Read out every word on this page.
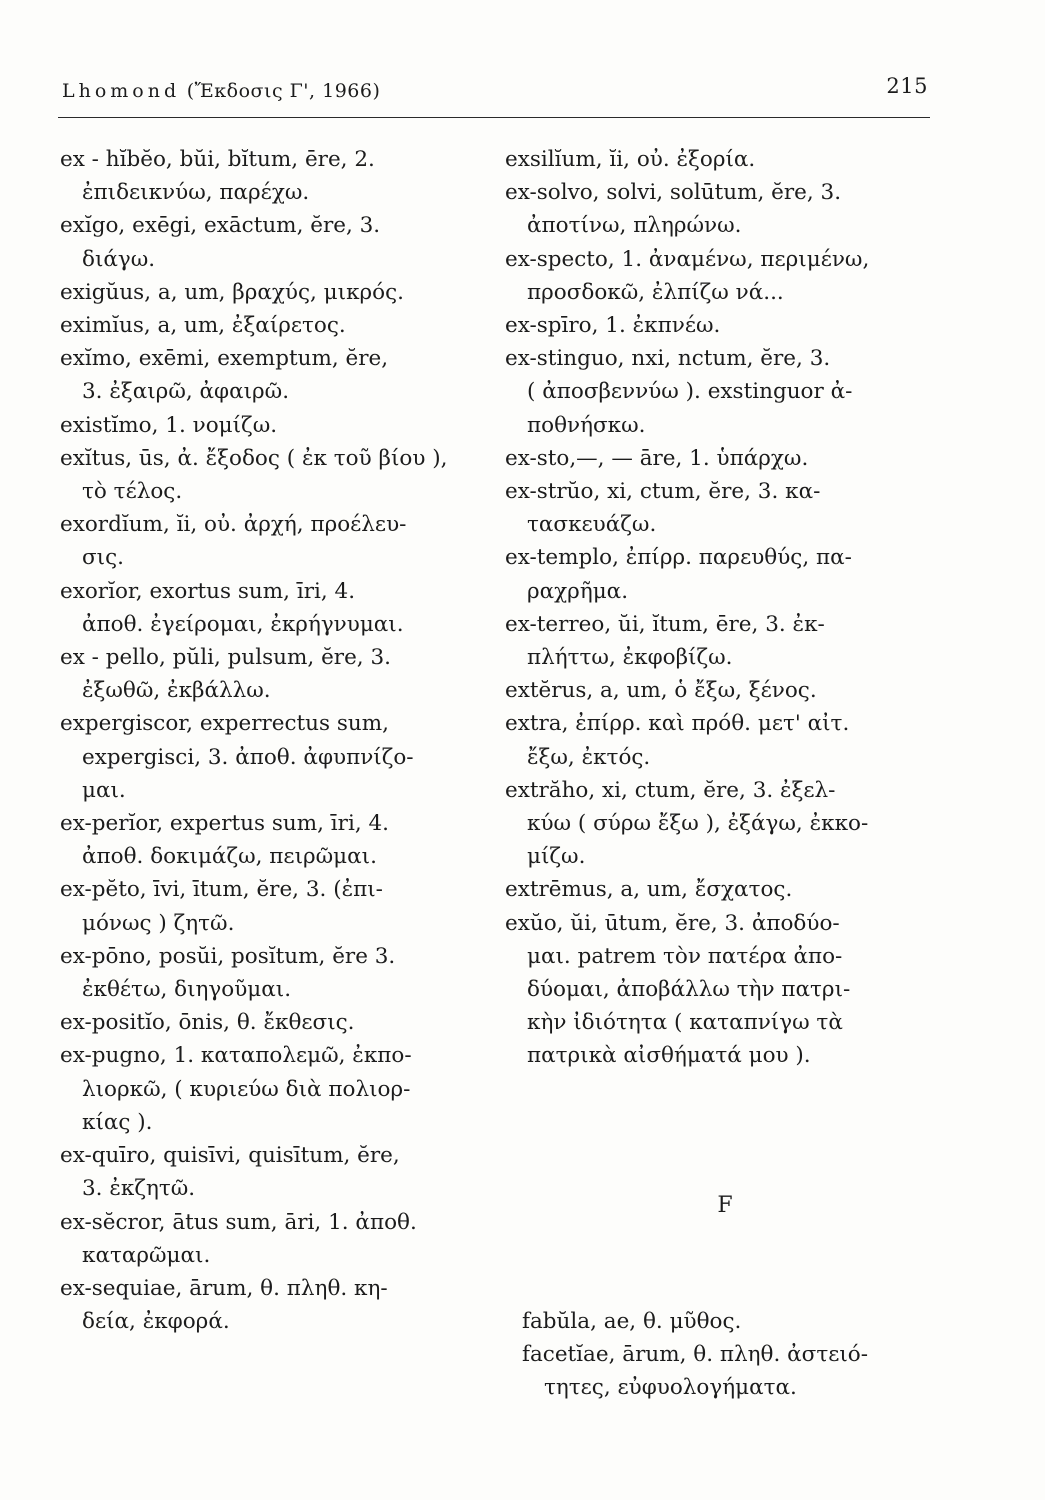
Lhomond (Ἔκδοσις Γ', 1966)	215
ex - hĭbĕo, bŭi, bĭtum, ēre, 2.
ἐπιδεικνύω, παρέχω.
exĭgo, exēgi, exāctum, ĕre, 3.
διάγω.
exigŭus, a, um, βραχύς, μικρός.
eximĭus, a, um, ἐξαίρετος.
exĭmo, exēmi, exemptum, ĕre,
3. ἐξαιρῶ, ἀφαιρῶ.
existĭmo, 1. νομίζω.
exĭtus, ūs, ἀ. ἔξοδος ( ἐκ τοῦ βίου ),
τὸ τέλος.
exordĭum, ĭi, οὐ. ἀρχή, προέλευ-
σις.
exorĭor, exortus sum, īri, 4.
ἀποθ. ἐγείρομαι, ἐκρήγνυμαι.
ex - pello, pŭli, pulsum, ĕre, 3.
ἐξωθῶ, ἐκβάλλω.
expergiscor, experrectus sum,
expergisci, 3. ἀποθ. ἀφυπνίζο-
μαι.
ex-perĭor, expertus sum, īri, 4.
ἀποθ. δοκιμάζω, πειρῶμαι.
ex-pĕto, īvi, ītum, ĕre, 3. (ἐπι-
μόνως ) ζητῶ.
ex-pōno, posŭi, posĭtum, ĕre 3.
ἐκθέτω, διηγοῦμαι.
ex-positĭo, ōnis, θ. ἔκθεσις.
ex-pugno, 1. καταπολεμῶ, ἐκπο-
λιορκῶ, ( κυριεύω διὰ πολιορ-
κίας ).
ex-quīro, quisīvi, quisītum, ĕre,
3. ἐκζητῶ.
ex-sĕcror, ātus sum, āri, 1. ἀποθ.
καταρῶμαι.
ex-sequiae, ārum, θ. πληθ. κη-
δεία, ἐκφορά.
exsilĭum, ĭi, οὐ. ἐξορία.
ex-solvo, solvi, solūtum, ĕre, 3.
ἀποτίνω, πληρώνω.
ex-specto, 1. ἀναμένω, περιμένω,
προσδοκῶ, ἐλπίζω νά...
ex-spīro, 1. ἐκπνέω.
ex-stinguo, nxi, nctum, ĕre, 3.
( ἀποσβεννύω ). exstinguor ἀ-
ποθνήσκω.
ex-sto,—, — āre, 1. ὑπάρχω.
ex-strŭo, xi, ctum, ĕre, 3. κα-
τασκευάζω.
ex-templo, ἐπίρρ. παρευθύς, πα-
ραχρῆμα.
ex-terreo, ŭi, ĭtum, ēre, 3. ἐκ-
πλήττω, ἐκφοβίζω.
extĕrus, a, um, ὁ ἔξω, ξένος.
extra, ἐπίρρ. καὶ πρόθ. μετ' αἰτ.
ἔξω, ἐκτός.
extrăho, xi, ctum, ĕre, 3. ἐξελ-
κύω ( σύρω ἔξω ), ἐξάγω, ἐκκο-
μίζω.
extrēmus, a, um, ἔσχατος.
exŭo, ŭi, ūtum, ĕre, 3. ἀποδύο-
μαι. patrem τὸν πατέρα ἀπο-
δύομαι, ἀποβάλλω τὴν πατρι-
κὴν ἰδιότητα ( καταπνίγω τὰ
πατρικὰ αἰσθήματά μου ).
F
fabŭla, ae, θ. μῦθος.
facetĭae, ārum, θ. πληθ. ἀστειό-
τητες, εὐφυολογήματα.
